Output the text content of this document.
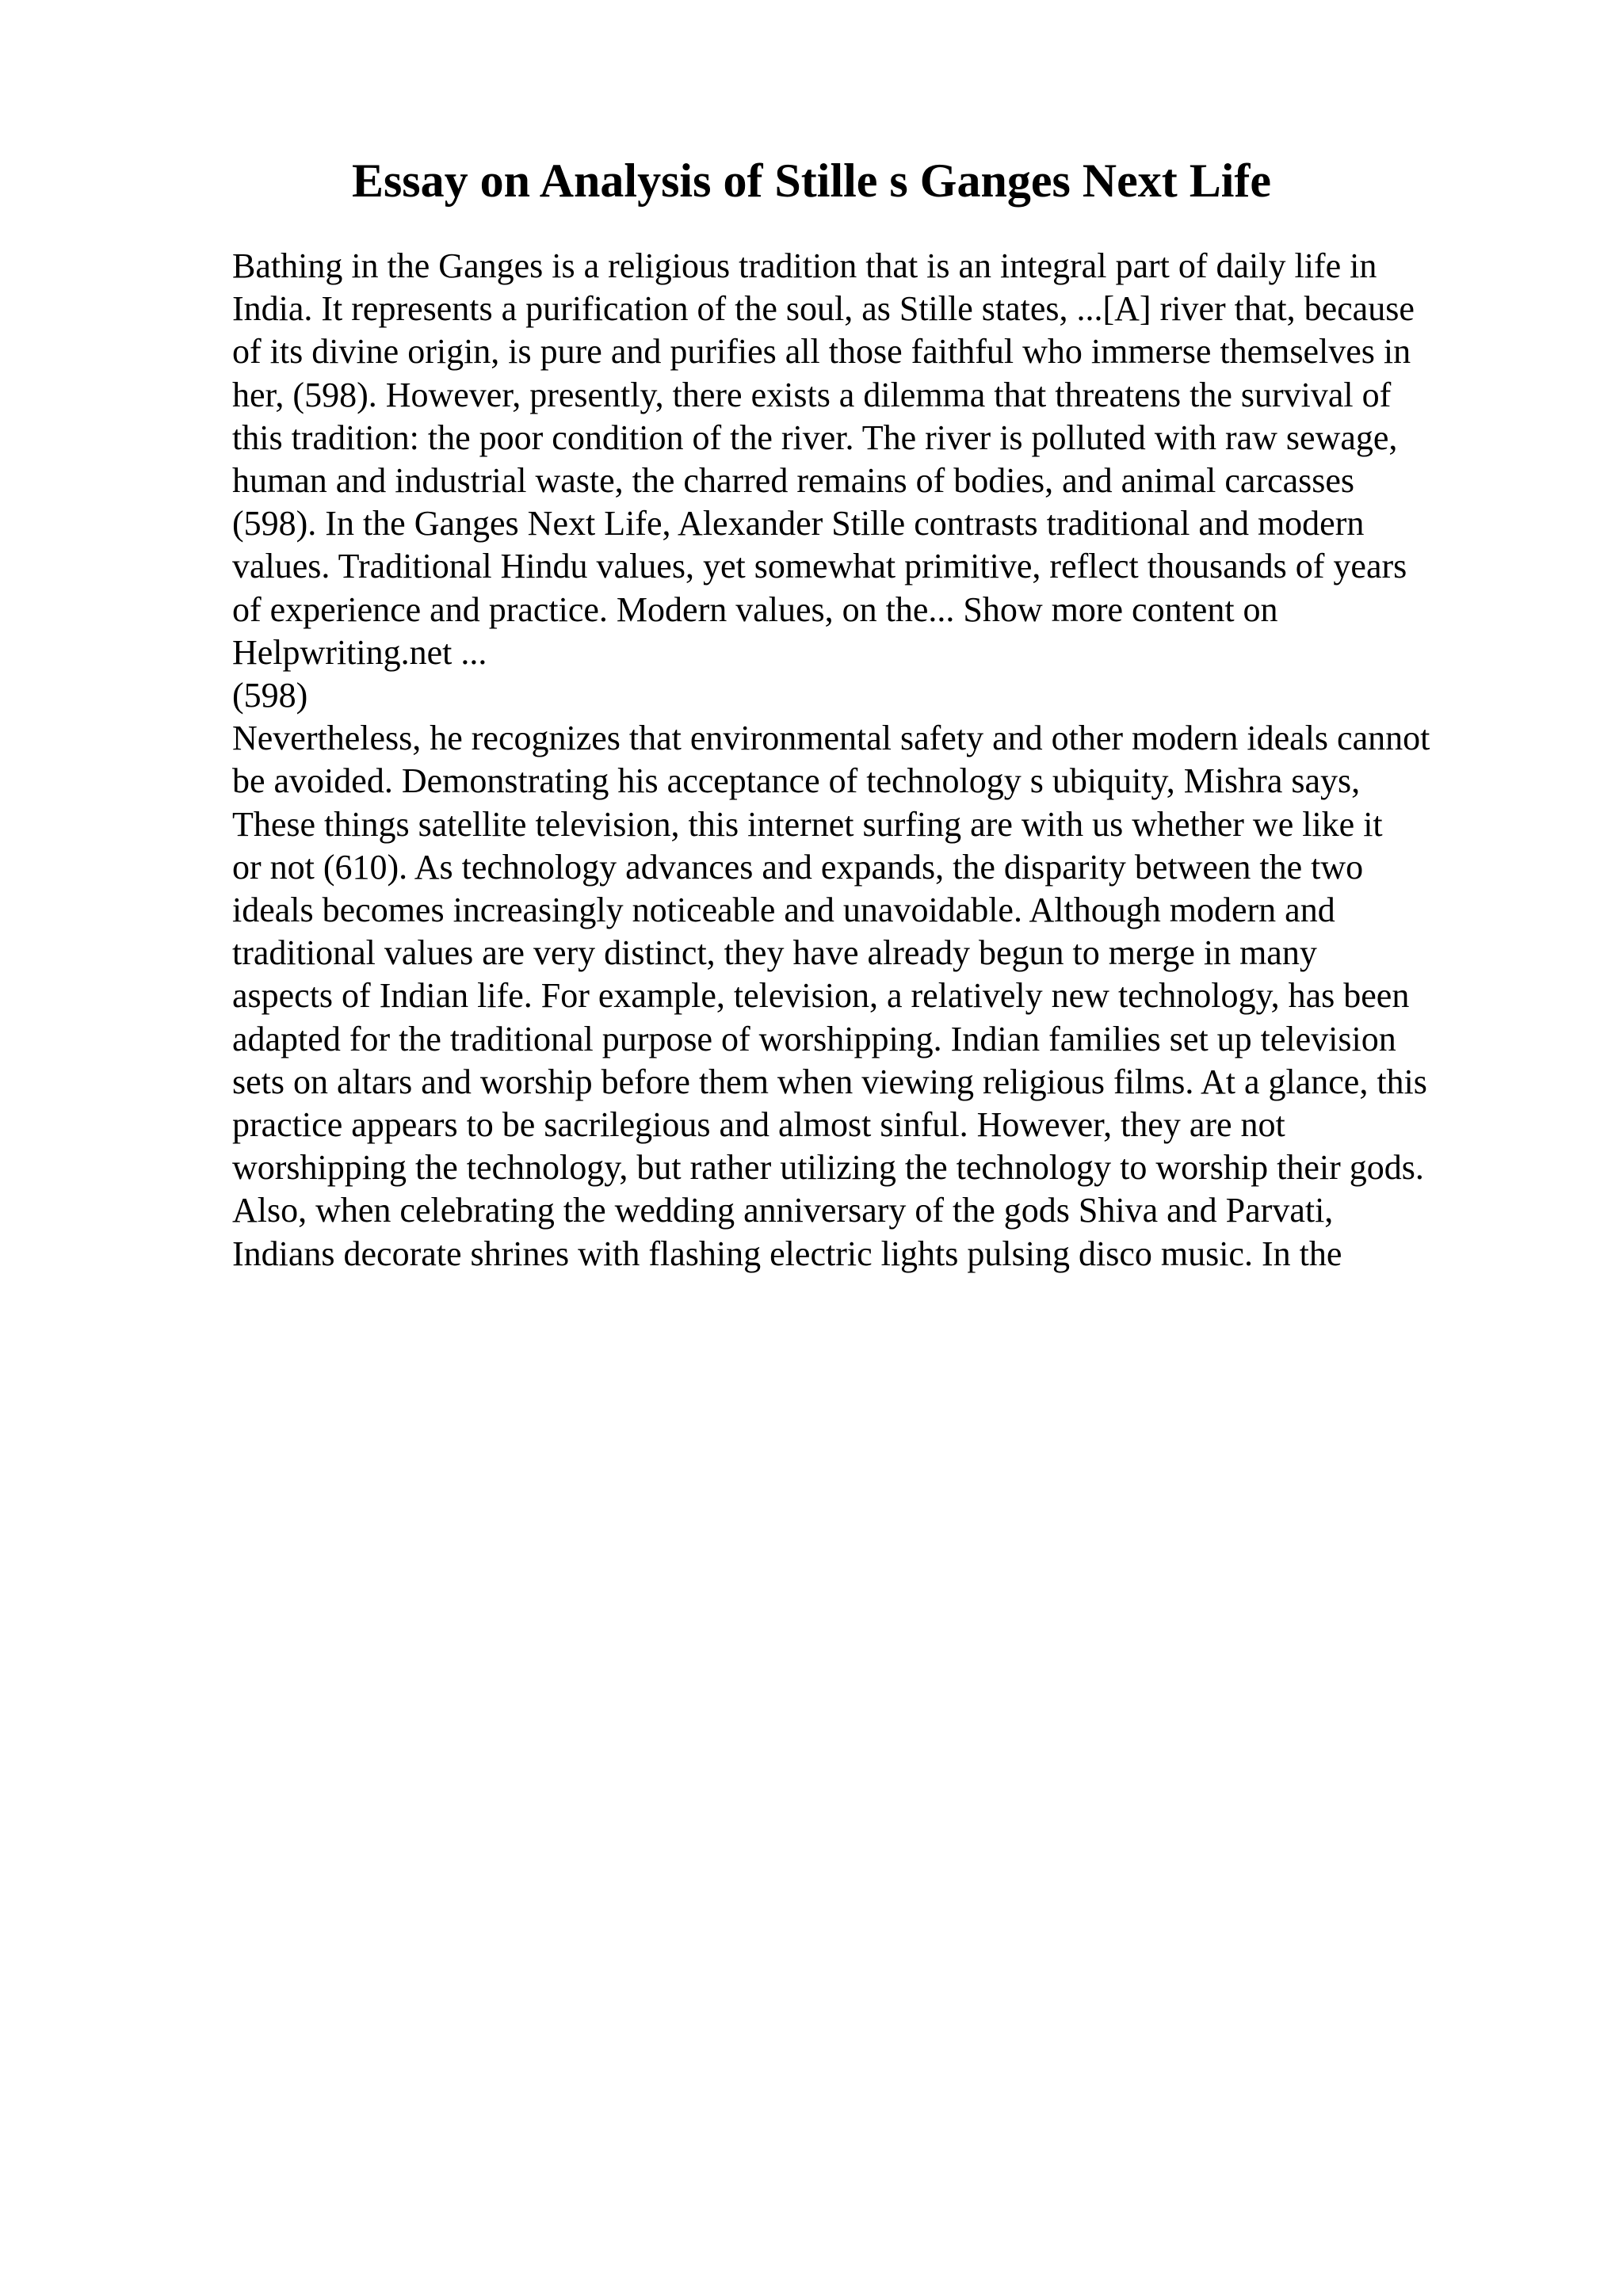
Essay on Analysis of Stille s Ganges Next Life
Bathing in the Ganges is a religious tradition that is an integral part of daily life in
India. It represents a purification of the soul, as Stille states, ...[A] river that, because
of its divine origin, is pure and purifies all those faithful who immerse themselves in
her, (598). However, presently, there exists a dilemma that threatens the survival of
this tradition: the poor condition of the river. The river is polluted with raw sewage,
human and industrial waste, the charred remains of bodies, and animal carcasses
(598). In the Ganges Next Life, Alexander Stille contrasts traditional and modern
values. Traditional Hindu values, yet somewhat primitive, reflect thousands of years
of experience and practice. Modern values, on the... Show more content on
Helpwriting.net ...
(598)
Nevertheless, he recognizes that environmental safety and other modern ideals cannot
be avoided. Demonstrating his acceptance of technology s ubiquity, Mishra says,
These things satellite television, this internet surfing are with us whether we like it
or not (610). As technology advances and expands, the disparity between the two
ideals becomes increasingly noticeable and unavoidable. Although modern and
traditional values are very distinct, they have already begun to merge in many
aspects of Indian life. For example, television, a relatively new technology, has been
adapted for the traditional purpose of worshipping. Indian families set up television
sets on altars and worship before them when viewing religious films. At a glance, this
practice appears to be sacrilegious and almost sinful. However, they are not
worshipping the technology, but rather utilizing the technology to worship their gods.
Also, when celebrating the wedding anniversary of the gods Shiva and Parvati,
Indians decorate shrines with flashing electric lights pulsing disco music. In the
